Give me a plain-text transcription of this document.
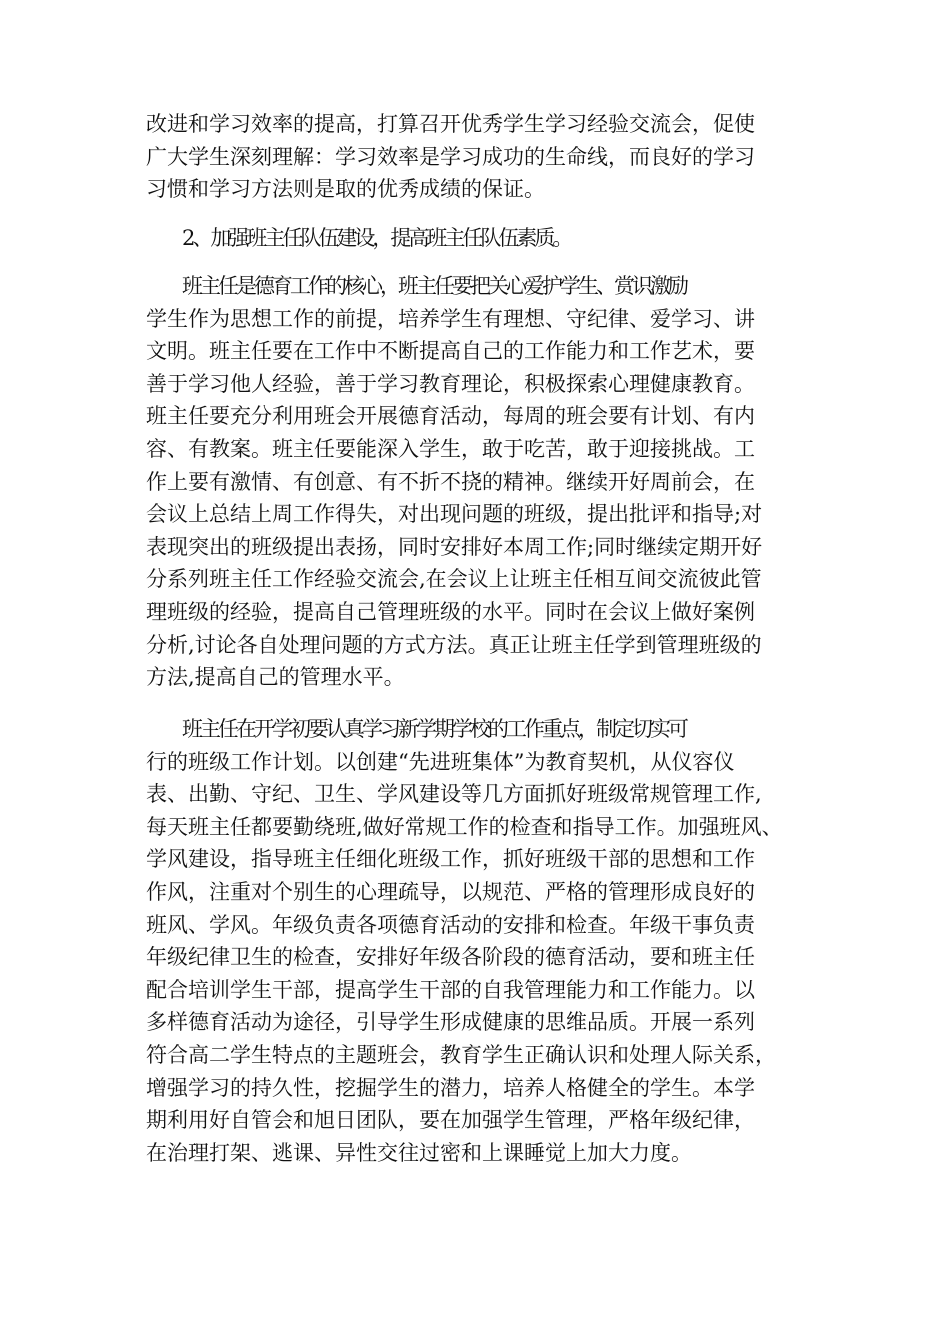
改进和学习效率的提高，打算召开优秀学生学习经验交流会，促使
广大学生深刻理解：学习效率是学习成功的生命线，而良好的学习
习惯和学习方法则是取的优秀成绩的保证。
2、加强班主任队伍建设，提高班主任队伍素质。
班主任是德育工作的核心，班主任要把关心爱护学生、赏识激励
学生作为思想工作的前提，培养学生有理想、守纪律、爱学习、讲
文明。班主任要在工作中不断提高自己的工作能力和工作艺术，要
善于学习他人经验，善于学习教育理论，积极探索心理健康教育。
班主任要充分利用班会开展德育活动，每周的班会要有计划、有内
容、有教案。班主任要能深入学生，敢于吃苦，敢于迎接挑战。工
作上要有激情、有创意、有不折不挠的精神。继续开好周前会，在
会议上总结上周工作得失，对出现问题的班级，提出批评和指导;对
表现突出的班级提出表扬，同时安排好本周工作;同时继续定期开好
分系列班主任工作经验交流会,在会议上让班主任相互间交流彼此管
理班级的经验，提高自己管理班级的水平。同时在会议上做好案例
分析,讨论各自处理问题的方式方法。真正让班主任学到管理班级的
方法,提高自己的管理水平。
班主任在开学初要认真学习新学期学校的工作重点，制定切实可
行的班级工作计划。以创建“先进班集体”为教育契机，从仪容仪
表、出勤、守纪、卫生、学风建设等几方面抓好班级常规管理工作,
每天班主任都要勤绕班,做好常规工作的检查和指导工作。加强班风、
学风建设，指导班主任细化班级工作，抓好班级干部的思想和工作
作风，注重对个别生的心理疏导，以规范、严格的管理形成良好的
班风、学风。年级负责各项德育活动的安排和检查。年级干事负责
年级纪律卫生的检查，安排好年级各阶段的德育活动，要和班主任
配合培训学生干部，提高学生干部的自我管理能力和工作能力。以
多样德育活动为途径，引导学生形成健康的思维品质。开展一系列
符合高二学生特点的主题班会，教育学生正确认识和处理人际关系，
增强学习的持久性，挖掘学生的潜力，培养人格健全的学生。本学
期利用好自管会和旭日团队，要在加强学生管理，严格年级纪律，
在治理打架、逃课、异性交往过密和上课睡觉上加大力度。
